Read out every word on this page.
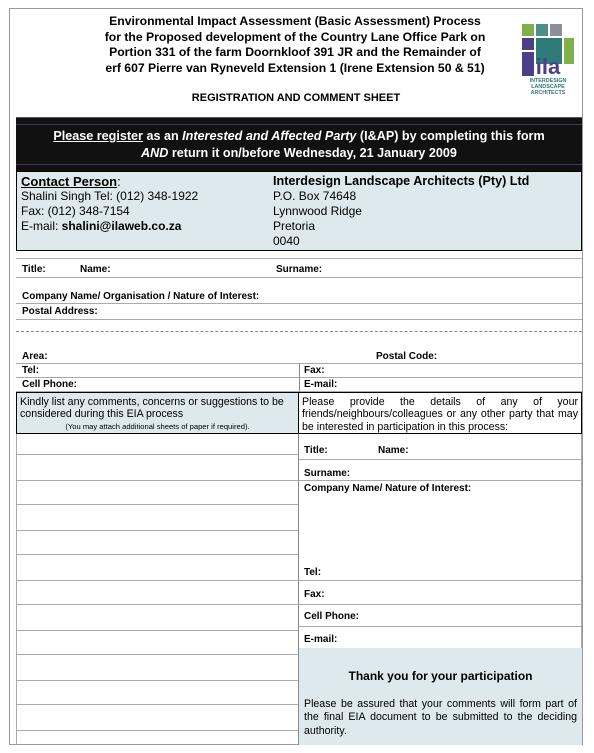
Environmental Impact Assessment (Basic Assessment) Process
for the Proposed development of the Country Lane Office Park on
Portion 331 of the farm Doornkloof 391 JR and the Remainder of
erf 607 Pierre van Ryneveld Extension 1 (Irene Extension 50 & 51)	ila
INTERDESIGN
LANDSCAPE
ARCHITECTS
REGISTRATION AND COMMENT SHEET
Please register as an Interested and Affected Party (I&AP) by completing this form
AND return it on/before Wednesday, 21 January 2009
Contact Person:
Shalini Singh Tel: (012) 348-1922
Fax: (012) 348-7154
E-mail: shalini@ilaweb.co.za
Interdesign Landscape Architects (Pty) Ltd
P.O. Box 74648
Lynnwood Ridge
Pretoria
0040
Title:	Name:	Surname:
Company Name/ Organisation / Nature of Interest:
Postal Address:
Area:	Postal Code:
Tel:	Fax:
Cell Phone:	E-mail:
Kindly list any comments, concerns or suggestions to be considered during this EIA process
(You may attach additional sheets of paper if required).
Please provide the details of any of your friends/neighbours/colleagues or any other party that may be interested in participation in this process:
Title:	Name:
Surname:
Company Name/ Nature of Interest:
Tel:
Fax:
Cell Phone:
E-mail:
Thank you for your participation
Please be assured that your comments will form part of the final EIA document to be submitted to the deciding authority.
